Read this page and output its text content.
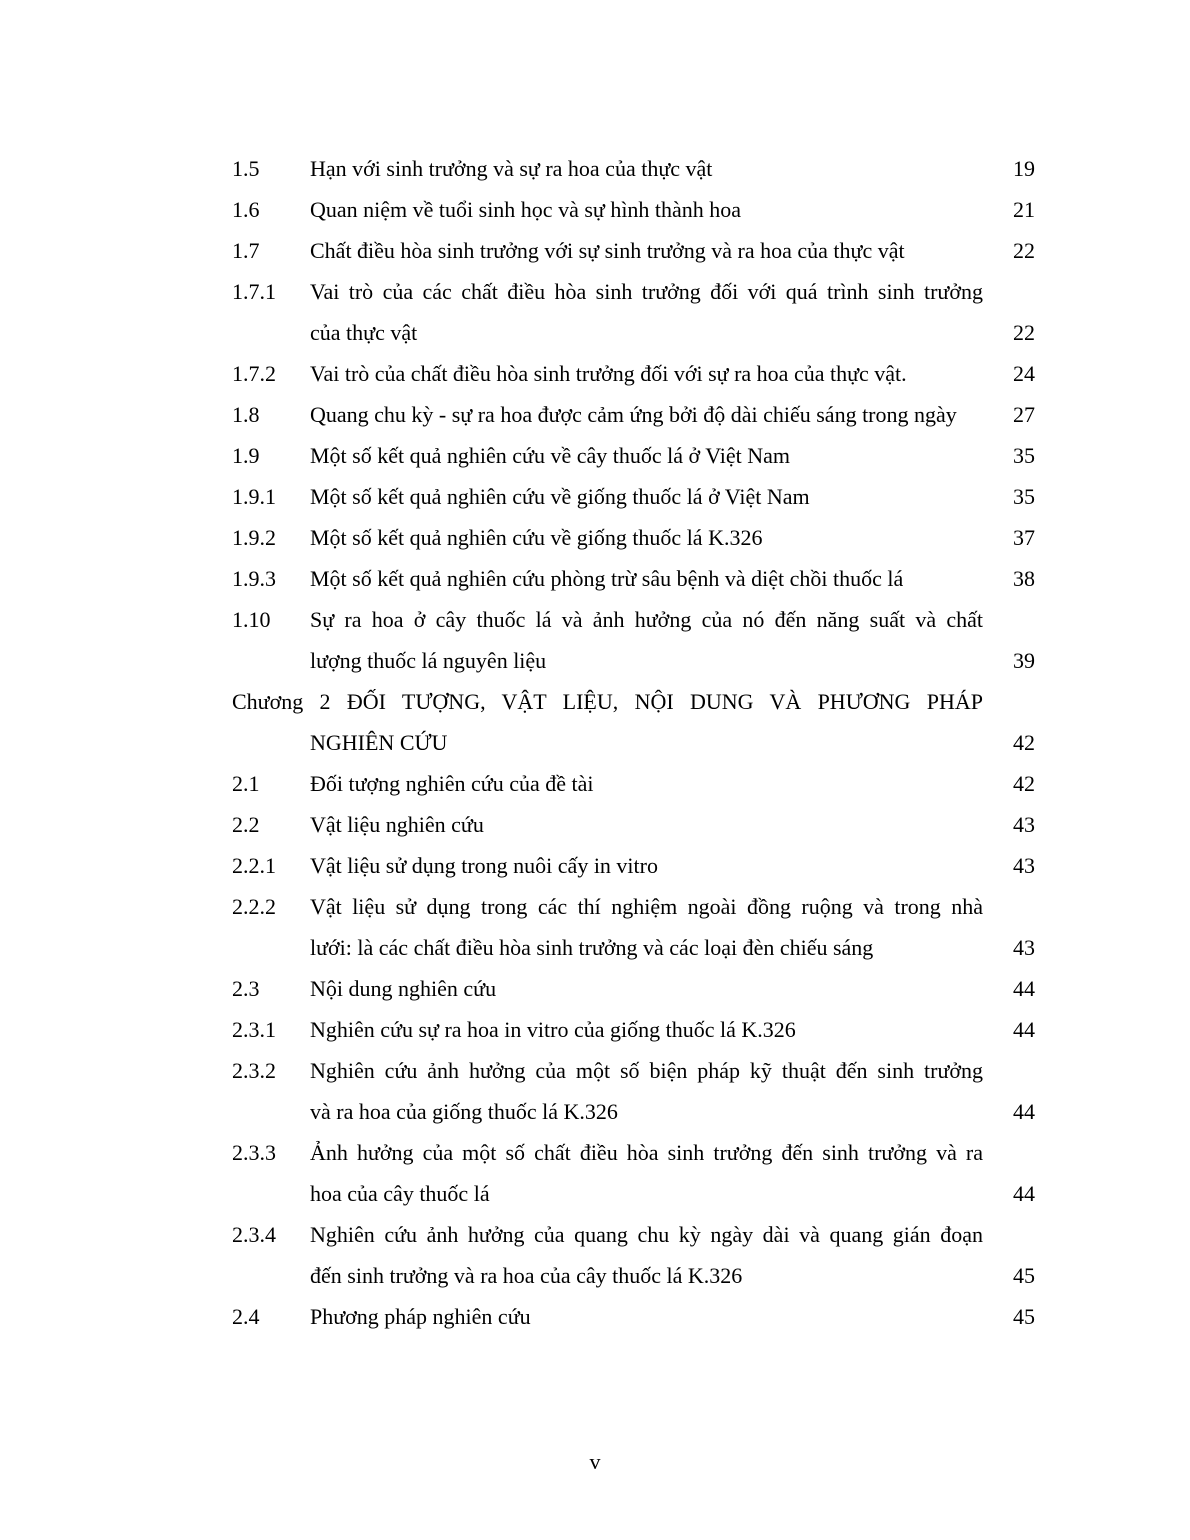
1.5 Hạn với sinh trưởng và sự ra hoa của thực vật	19
1.6 Quan niệm về tuổi sinh học và sự hình thành hoa	21
1.7 Chất điều hòa sinh trưởng với sự sinh trưởng và ra hoa của thực vật	22
1.7.1 Vai trò của các chất điều hòa sinh trưởng đối với quá trình sinh trưởng
của thực vật	22
1.7.2 Vai trò của chất điều hòa sinh trưởng đối với sự ra hoa của thực vật.	24
1.8 Quang chu kỳ - sự ra hoa được cảm ứng bởi độ dài chiếu sáng trong ngày	27
1.9 Một số kết quả nghiên cứu về cây thuốc lá ở Việt Nam	35
1.9.1 Một số kết quả nghiên cứu về giống thuốc lá ở Việt Nam	35
1.9.2 Một số kết quả nghiên cứu về giống thuốc lá K.326	37
1.9.3 Một số kết quả nghiên cứu phòng trừ sâu bệnh và diệt chồi thuốc lá	38
1.10 Sự ra hoa ở cây thuốc lá và ảnh hưởng của nó đến năng suất và chất
lượng thuốc lá nguyên liệu	39
Chương 2 ĐỐI TƯỢNG, VẬT LIỆU, NỘI DUNG VÀ PHƯƠNG PHÁP
NGHIÊN CỨU	42
2.1 Đối tượng nghiên cứu của đề tài	42
2.2 Vật liệu nghiên cứu	43
2.2.1 Vật liệu sử dụng trong nuôi cấy in vitro	43
2.2.2 Vật liệu sử dụng trong các thí nghiệm ngoài đồng ruộng và trong nhà
lưới: là các chất điều hòa sinh trưởng và các loại đèn chiếu sáng	43
2.3 Nội dung nghiên cứu	44
2.3.1 Nghiên cứu sự ra hoa in vitro của giống thuốc lá K.326	44
2.3.2 Nghiên cứu ảnh hưởng của một số biện pháp kỹ thuật đến sinh trưởng
và ra hoa của giống thuốc lá K.326	44
2.3.3 Ảnh hưởng của một số chất điều hòa sinh trưởng đến sinh trưởng và ra
hoa của cây thuốc lá	44
2.3.4 Nghiên cứu ảnh hưởng của quang chu kỳ ngày dài và quang gián đoạn
đến sinh trưởng và ra hoa của cây thuốc lá K.326	45
2.4 Phương pháp nghiên cứu	45
v
